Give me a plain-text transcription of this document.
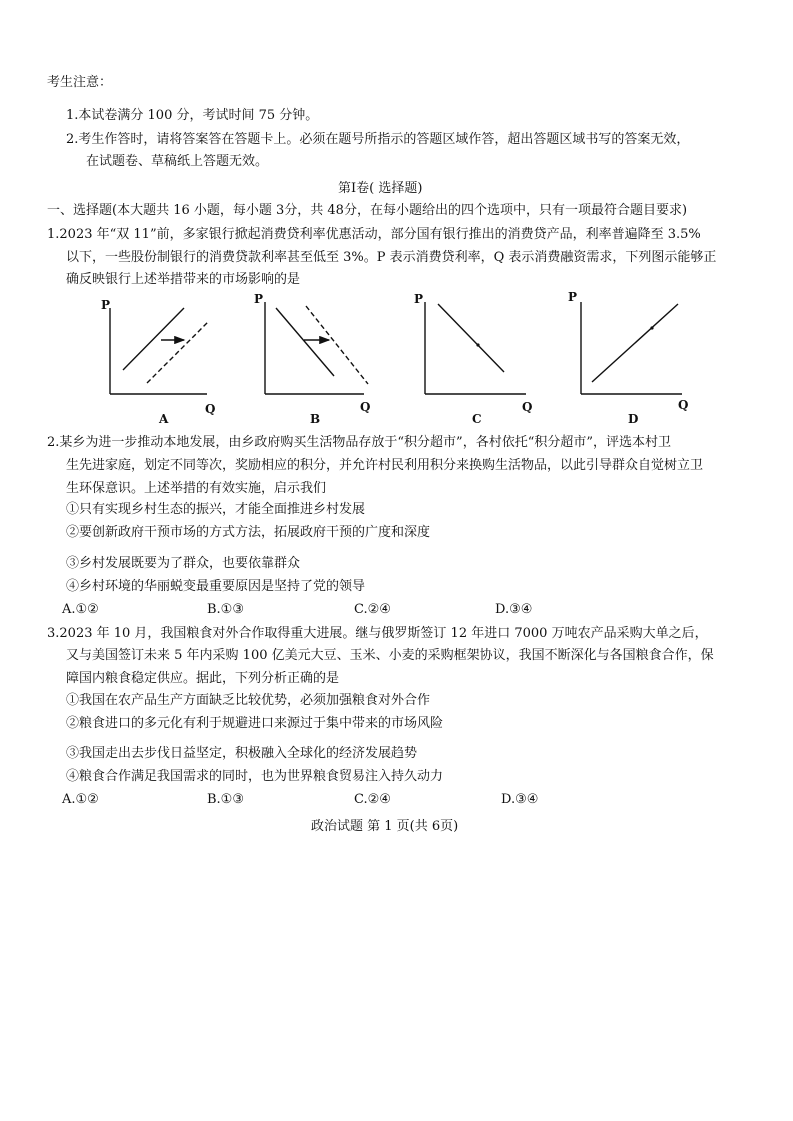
考生注意：
1.本试卷满分 100 分，考试时间 75 分钟。
2.考生作答时，请将答案答在答题卡上。必须在题号所指示的答题区域作答，超出答题区域书写的答案无效，
在试题卷、草稿纸上答题无效。
第Ⅰ卷( 选择题)
一、选择题(本大题共 16 小题，每小题 3分，共 48分，在每小题给出的四个选项中，只有一项最符合题目要求)
1.2023 年“双 11”前，多家银行掀起消费贷利率优惠活动，部分国有银行推出的消费贷产品，利率普遍降至 3.5%
以下，一些股份制银行的消费贷款利率甚至低至 3%。P 表示消费贷利率，Q 表示消费融资需求，下列图示能够正
确反映银行上述举措带来的市场影响的是
P
Q
A
P
Q
B
P
Q
C
P
Q
D
2.某乡为进一步推动本地发展，由乡政府购买生活物品存放于“积分超市”，各村依托“积分超市”，评选本村卫
生先进家庭，划定不同等次，奖励相应的积分，并允许村民利用积分来换购生活物品，以此引导群众自觉树立卫
生环保意识。上述举措的有效实施，启示我们
①只有实现乡村生态的振兴，才能全面推进乡村发展
②要创新政府干预市场的方式方法，拓展政府干预的广度和深度
③乡村发展既要为了群众，也要依靠群众
④乡村环境的华丽蜕变最重要原因是坚持了党的领导
A.①②	B.①③	C.②④	D.③④
3.2023 年 10 月，我国粮食对外合作取得重大进展。继与俄罗斯签订 12 年进口 7000 万吨农产品采购大单之后，
又与美国签订未来 5 年内采购 100 亿美元大豆、玉米、小麦的采购框架协议，我国不断深化与各国粮食合作，保
障国内粮食稳定供应。据此，下列分析正确的是
①我国在农产品生产方面缺乏比较优势，必须加强粮食对外合作
②粮食进口的多元化有利于规避进口来源过于集中带来的市场风险
③我国走出去步伐日益坚定，积极融入全球化的经济发展趋势
④粮食合作满足我国需求的同时，也为世界粮食贸易注入持久动力
A.①②	B.①③	C.②④	D.③④
政治试题 第 1 页(共 6页)
